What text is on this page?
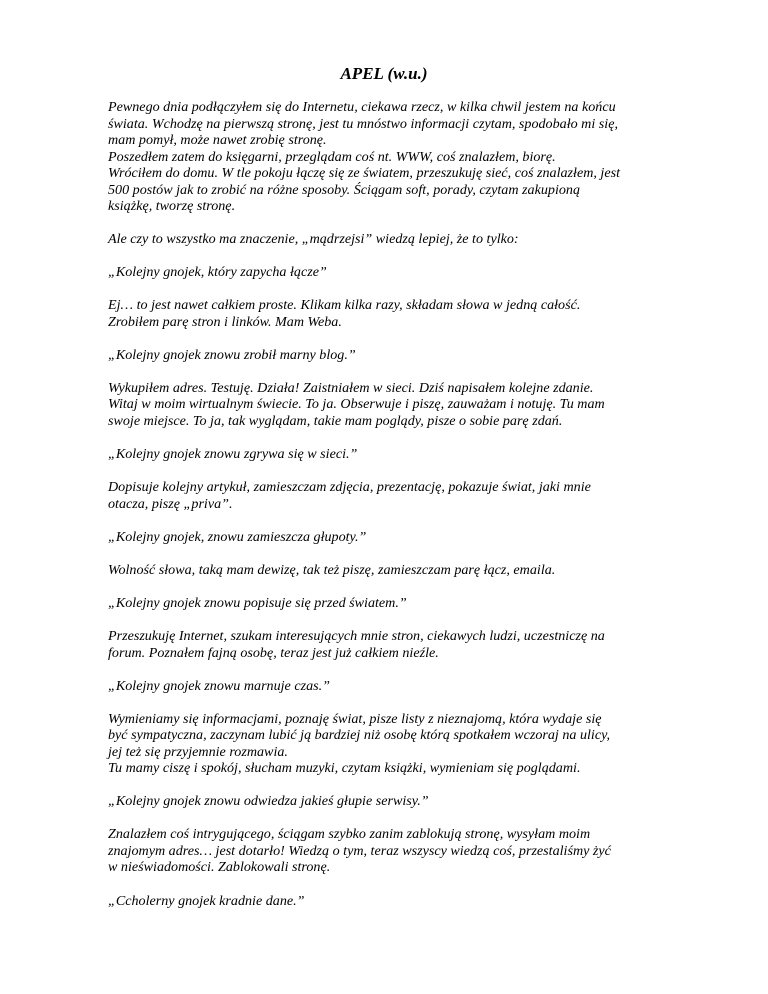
APEL (w.u.)

Pewnego dnia podłączyłem się do Internetu, ciekawa rzecz, w kilka chwil jestem na końcu
świata. Wchodzę na pierwszą stronę, jest tu mnóstwo informacji czytam, spodobało mi się,
mam pomył, może nawet zrobię stronę.

Poszedłem zatem do księgarni, przeglądam coś nt. WWW, coś znalazłem, biorę.
Wróciłem do domu. W tle pokoju łączę się ze światem, przeszukuję sieć, coś znalazłem, jest
500 postów jak to zrobić na różne sposoby. Ściągam soft, porady, czytam zakupioną
książkę, tworzę stronę.

Ale czy to wszystko ma znaczenie, „mądrzejsi” wiedzą lepiej, że to tylko:

„Kolejny gnojek, który zapycha łącze”

Ej… to jest nawet całkiem proste. Klikam kilka razy, składam słowa w jedną całość.
Zrobiłem parę stron i linków. Mam Weba.

„Kolejny gnojek znowu zrobił marny blog.”

Wykupiłem adres. Testuję. Działa! Zaistniałem w sieci. Dziś napisałem kolejne zdanie.
Witaj w moim wirtualnym świecie. To ja. Obserwuje i piszę, zauważam i notuję. Tu mam
swoje miejsce. To ja, tak wyglądam, takie mam poglądy, pisze o sobie parę zdań.

„Kolejny gnojek znowu zgrywa się w sieci.”

Dopisuje kolejny artykuł, zamieszczam zdjęcia, prezentację, pokazuje świat, jaki mnie
otacza, piszę „priva”.

„Kolejny gnojek, znowu zamieszcza głupoty.”

Wolność słowa, taką mam dewizę, tak też piszę, zamieszczam parę łącz, emaila.

„Kolejny gnojek znowu popisuje się przed światem.”

Przeszukuję Internet, szukam interesujących mnie stron, ciekawych ludzi, uczestniczę na
forum. Poznałem fajną osobę, teraz jest już całkiem nieźle.

„Kolejny gnojek znowu marnuje czas.”

Wymieniamy się informacjami, poznaję świat, pisze listy z nieznajomą, która wydaje się
być sympatyczna, zaczynam lubić ją bardziej niż osobę którą spotkałem wczoraj na ulicy,
jej też się przyjemnie rozmawia.

Tu mamy ciszę i spokój, słucham muzyki, czytam książki, wymieniam się poglądami.

„Kolejny gnojek znowu odwiedza jakieś głupie serwisy.”

Znalazłem coś intrygującego, ściągam szybko zanim zablokują stronę, wysyłam moim
znajomym adres… jest dotarło! Wiedzą o tym, teraz wszyscy wiedzą coś, przestaliśmy żyć
w nieświadomości. Zablokowali stronę.

„Ccholerny gnojek kradnie dane.”
